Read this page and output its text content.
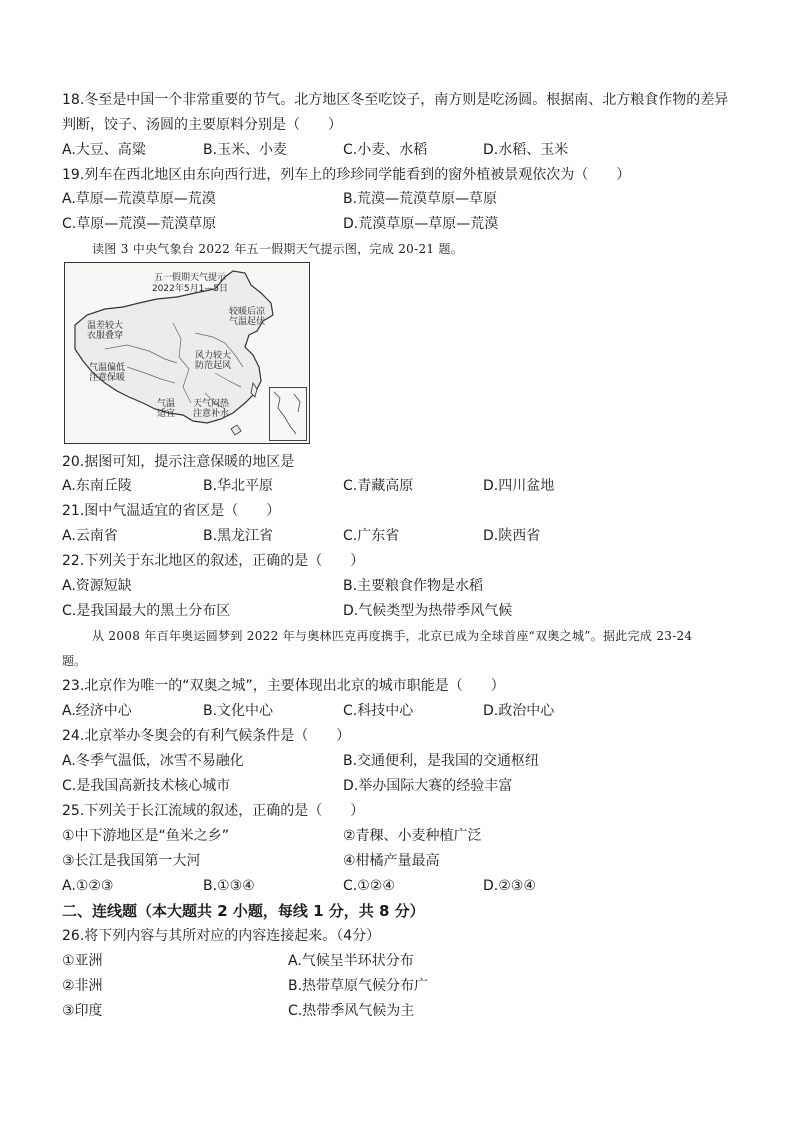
18.冬至是中国一个非常重要的节气。北方地区冬至吃饺子，南方则是吃汤圆。根据南、北方粮食作物的差异
判断，饺子、汤圆的主要原料分别是（　　）
A.大豆、高粱	B.玉米、小麦	C.小麦、水稻	D.水稻、玉米
19.列车在西北地区由东向西行进，列车上的珍珍同学能看到的窗外植被景观依次为（　　）
A.草原—荒漠草原—荒漠	B.荒漠—荒漠草原—草原
C.草原—荒漠—荒漠草原	D.荒漠草原—草原—荒漠
读图 3 中央气象台 2022 年五一假期天气提示图，完成 20-21 题。
五一假期天气提示
2022年5月1—5日
温差较大
衣服叠穿
气温偏低
注意保暖
气温
适宜
较暖后凉
气温起伏
风力较大
防范起风
天气闷热
注意补水
20.据图可知，提示注意保暖的地区是
A.东南丘陵	B.华北平原	C.青藏高原	D.四川盆地
21.图中气温适宜的省区是（　　）
A.云南省	B.黑龙江省	C.广东省	D.陕西省
22.下列关于东北地区的叙述，正确的是（　　）
A.资源短缺	B.主要粮食作物是水稻
C.是我国最大的黑土分布区	D.气候类型为热带季风气候
从 2008 年百年奥运圆梦到 2022 年与奥林匹克再度携手，北京已成为全球首座“双奥之城”。据此完成 23-24
题。
23.北京作为唯一的“双奥之城”，主要体现出北京的城市职能是（　　）
A.经济中心	B.文化中心	C.科技中心	D.政治中心
24.北京举办冬奥会的有利气候条件是（　　）
A.冬季气温低，冰雪不易融化	B.交通便利，是我国的交通枢纽
C.是我国高新技术核心城市	D.举办国际大赛的经验丰富
25.下列关于长江流域的叙述，正确的是（　　）
①中下游地区是“鱼米之乡”	②青稞、小麦种植广泛
③长江是我国第一大河	④柑橘产量最高
A.①②③	B.①③④	C.①②④	D.②③④
二、连线题（本大题共 2 小题，每线 1 分，共 8 分）
26.将下列内容与其所对应的内容连接起来。（4分）
①亚洲	A.气候呈半环状分布
②非洲	B.热带草原气候分布广
③印度	C.热带季风气候为主
